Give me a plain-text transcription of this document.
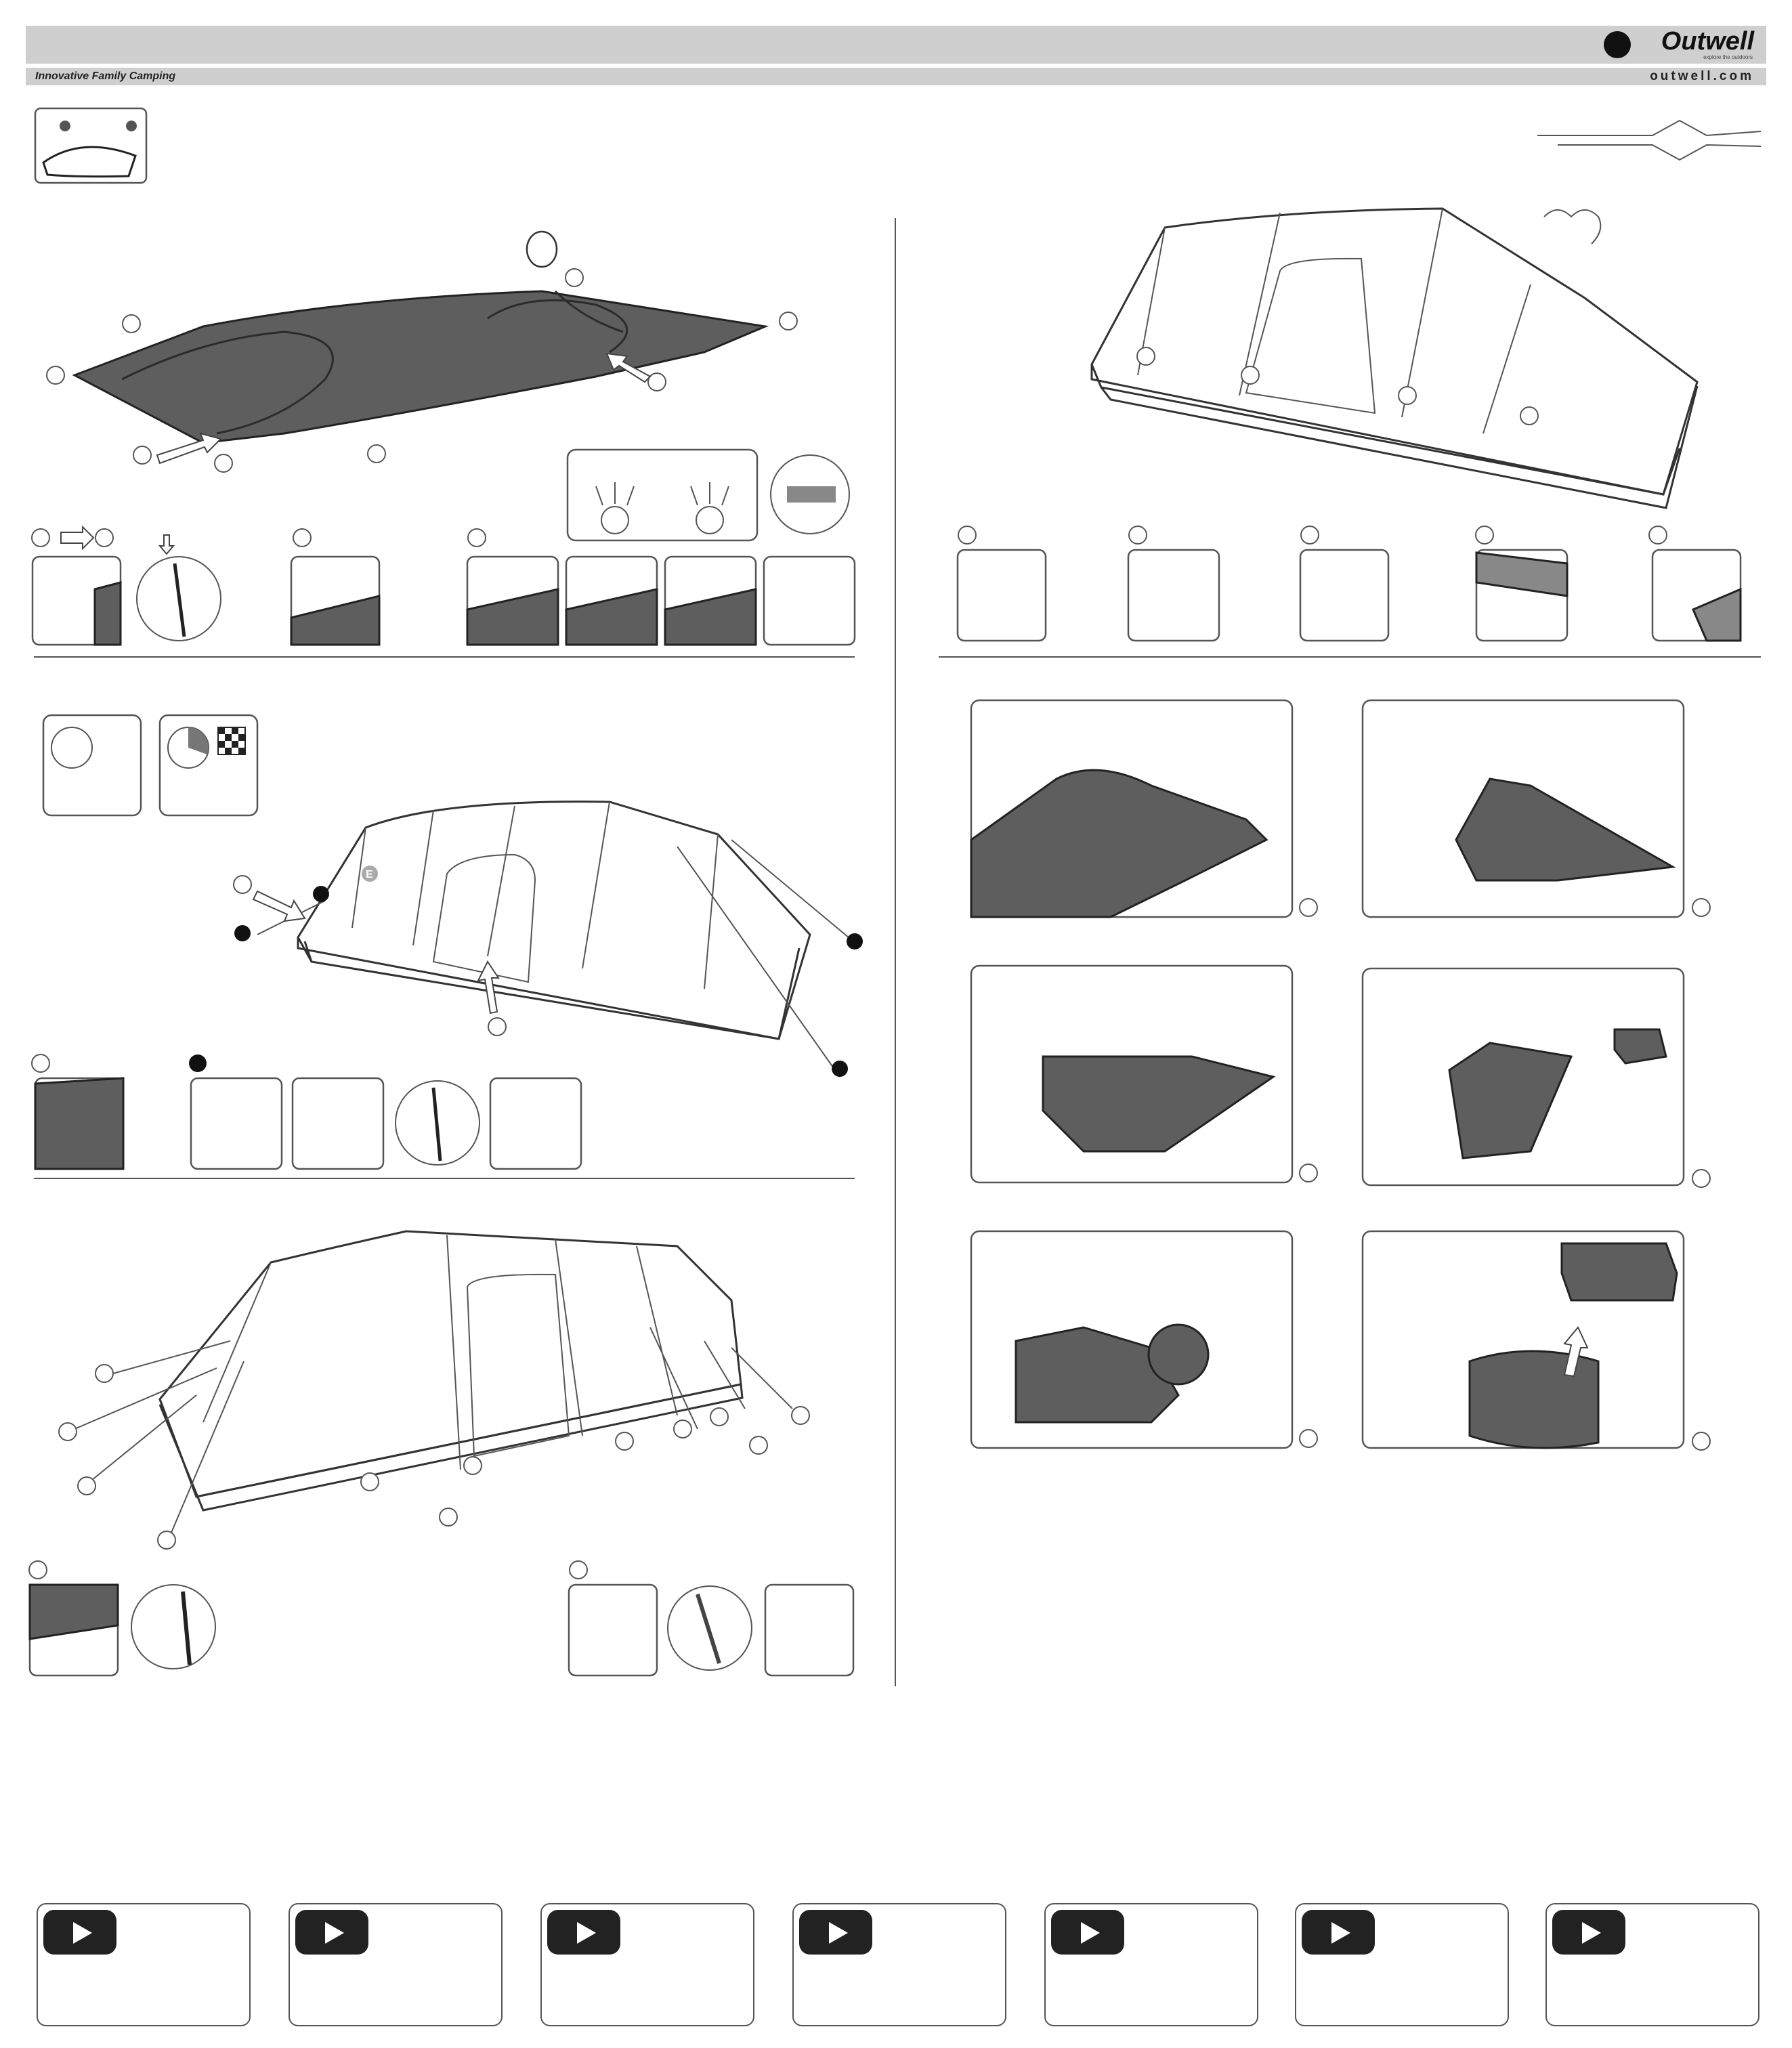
Innovative Family Camping	outwell.com
Outwell
explore the outdoors
E
